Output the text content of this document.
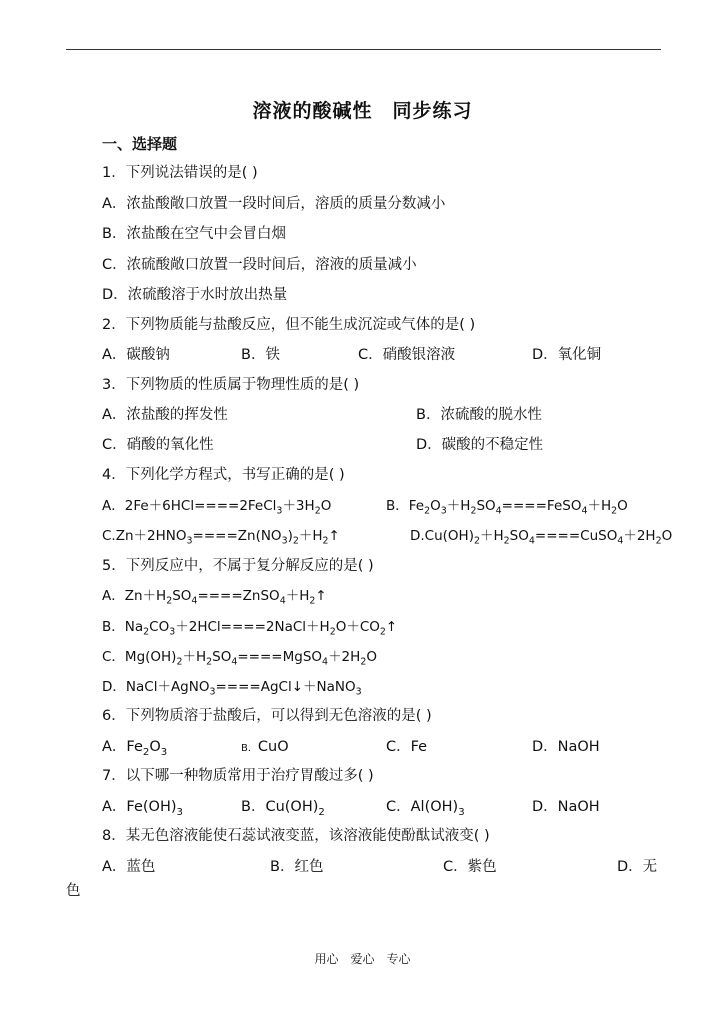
溶液的酸碱性　同步练习
一、选择题
1．下列说法错误的是( )
A．浓盐酸敞口放置一段时间后，溶质的质量分数减小
B．浓盐酸在空气中会冒白烟
C．浓硫酸敞口放置一段时间后，溶液的质量减小
D．浓硫酸溶于水时放出热量
2．下列物质能与盐酸反应，但不能生成沉淀或气体的是( )
A．碳酸钠	B．铁	C．硝酸银溶液	D．氧化铜
3．下列物质的性质属于物理性质的是( )
A．浓盐酸的挥发性	B．浓硫酸的脱水性
C．硝酸的氧化性	D．碳酸的不稳定性
4．下列化学方程式，书写正确的是( )
A．$2Fe+6HCl====2FeCl_3+3H_2O$	B．$Fe_2O_3+H_2SO_4====FeSO_4+H_2O$
$C.Zn+2HNO_3====Zn(NO_3)_2+H_2↑$	$D.Cu(OH)_2+H_2SO_4====CuSO_4+2H_2O$
5．下列反应中，不属于复分解反应的是( )
A．$Zn+H_2SO_4====ZnSO_4+H_2↑$
B．$Na_2CO_3+2HCl====2NaCl+H_2O+CO_2↑$
C．$Mg(OH)_2+H_2SO_4====MgSO_4+2H_2O$
D．NaCl＋AgNO$_3$====AgCl↓＋NaNO$_3$
6．下列物质溶于盐酸后，可以得到无色溶液的是( )
A．$Fe_2O_3$	B．CuO	C．Fe	D．NaOH
7．以下哪一种物质常用于治疗胃酸过多( )
A．$Fe(OH)_3$	B．$Cu(OH)_2$	C．$Al(OH)_3$	D．NaOH
8．某无色溶液能使石蕊试液变蓝，该溶液能使酚酞试液变( )
A．蓝色	B．红色	C．紫色	D．无
色
用心　爱心　专心
